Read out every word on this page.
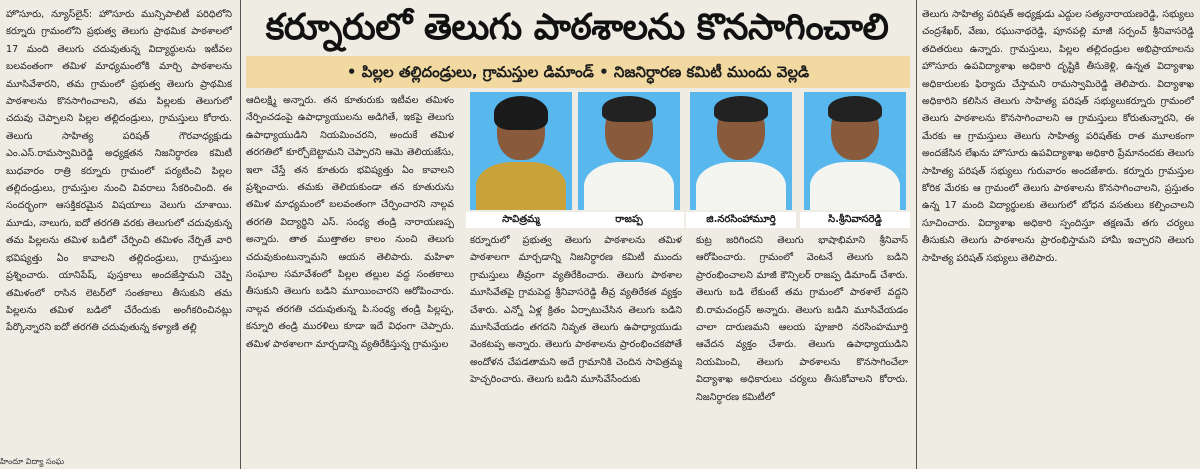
హొసూరు, న్యూస్‌లైన్: హొసూరు మున్సిపాలిటీ పరిధిలోని కర్నూరు గ్రామంలోని ప్రభుత్వ తెలుగు ప్రాథమిక పాఠశాలలో 17 మంది తెలుగు చదువుతున్న విద్యార్థులను ఇటీవల బలవంతంగా తమిళ మాధ్యమంలోకి మార్చి పాఠశాలను మూసివేశారని, తమ గ్రామంలో ప్రభుత్వ తెలుగు ప్రాథమిక పాఠశాలను కొనసాగించాలని, తమ పిల్లలకు తెలుగులో చదువు చెప్పాలని పిల్లల తల్లిదండ్రులు, గ్రామస్తులు కోరారు. తెలుగు సాహిత్య పరిషత్ గౌరవాధ్యక్షుడు ఎం.ఎస్.రామస్వామిరెడ్డి అధ్యక్షతన నిజనిర్ధారణ కమిటీ బుధవారం రాత్రి కర్నూరు గ్రామంలో పర్యటించి పిల్లల తల్లిదండ్రులు, గ్రామస్తుల నుంచి వివరాలు సేకరించింది. ఈ సందర్భంగా ఆసక్తికరమైన విషయాలు వెలుగు చూశాయి. మూడు, నాలుగు, ఐదో తరగతి వరకు తెలుగులో చదువుకున్న తమ పిల్లలను తమిళ బడిలో చేర్పించి తమిళం నేర్పితే వారి భవిష్యత్తు ఏం కావాలని తల్లిదండ్రులు, గ్రామస్తులు ప్రశ్నించారు. యానిపేష్, పుస్తకాలు అందజేస్తామని చెప్పి తమిళంలో రాసిన లెటర్‌లో సంతకాలు తీసుకుని తమ పిల్లలను తమిళ బడిలో చేరేందుకు అంగీకరించినట్లు పేర్కొన్నారని ఐదో తరగతి చదువుతున్న కళ్యాణి తల్లి
కర్నూరులో తెలుగు పాఠశాలను కొనసాగించాలి
• పిల్లల తల్లిదండ్రులు, గ్రామస్తుల డిమాండ్ • నిజనిర్ధారణ కమిటీ ముందు వెల్లడి
ఆదిలక్ష్మి అన్నారు. తన కూతురుకు ఇటీవల తమిళం నేర్పించడంపై ఉపాధ్యాయులను అడిగితే, ఇకపై తెలుగు ఉపాధ్యాయుడిని నియమించరని, అందుకే తమిళ తరగతిలో కూర్చోబెట్టామని చెప్పారని ఆమె తెలియజేసు, ఇలా చేస్తే తన కూతురు భవిష్యత్తు ఏం కావాలని ప్రశ్నించారు. తమకు తెలియకుండా తన కూతురును తమిళ మాధ్యమంలో బలవంతంగా చేర్పించారని నాల్గవ తరగతి విద్యార్థిని ఎస్. సంధ్య తండ్రి నారాయణప్ప అన్నారు. తాత ముత్తాతల కాలం నుంచి తెలుగు చదువుకుంటున్నామని ఆయన తెలిపారు. మహిళా సంఘాల సమావేశంలో పిల్లల తల్లుల వద్ద సంతకాలు తీసుకుని తెలుగు బడిని మూయించారని ఆరోపించారు. నాల్గవ తరగతి చదువుతున్న పి.సంధ్య తండ్రి పిల్లప్ప, కన్నూరి తండ్రి మురళిలు కూడా ఇదే విధంగా చెప్పారు. తమిళ పాఠశాలగా మార్చడాన్ని వ్యతిరేకిస్తున్న గ్రామస్తుల
సావిత్రమ్మ	రాజప్ప	జి.నరసింహామూర్తి	సి.శ్రీనివాసరెడ్డి
కర్నూరులో ప్రభుత్వ తెలుగు పాఠశాలను తమిళ పాఠశాలగా మార్చడాన్ని నిజనిర్ధారణ కమిటీ ముందు గ్రామస్తులు తీవ్రంగా వ్యతిరేకించారు. తెలుగు పాఠశాల మూసివేతపై గ్రామపెద్ద శ్రీనివాసరెడ్డి తీవ్ర వ్యతిరేకత వ్యక్తం చేశారు. ఎన్నో ఏళ్ల క్రితం ఏర్పాటుచేసిన తెలుగు బడిని మూసివేయడం తగదని నివృత తెలుగు ఉపాధ్యాయుడు వెంకటప్ప అన్నారు. తెలుగు పాఠశాలను ప్రారంభించకపోతే అందోళన చేపడతామని అదే గ్రామానికి చెందిన సావిత్రమ్మ హెచ్చరించారు. తెలుగు బడిని మూసివేసేందుకు
కుట్ర జరిగిందని తెలుగు భాషాభిమాని శ్రీనివాస్ ఆరోపించారు. గ్రామంలో వెంటనే తెలుగు బడిని ప్రారంభించాలని మాజీ కౌన్సిలర్ రాజప్ప డిమాండ్ చేశారు. తెలుగు బడి లేకుంటే తమ గ్రామంలో పాఠశాలే వద్దని బి.రామచంద్రన్ అన్నారు. తెలుగు బడిని మూసివేయడం చాలా దారుణమని ఆలయ పూజారి నరసింహమూర్తి ఆవేదన వ్యక్తం చేశారు. తెలుగు ఉపాధ్యాయుడిని నియమించి, తెలుగు పాఠశాలను కొనసాగించేలా విద్యాశాఖ అధికారులు చర్యలు తీసుకోవాలని కోరారు. నిజనిర్ధారణ కమిటీలో
తెలుగు సాహిత్య పరిషత్ అధ్యక్షుడు ఎద్దుల సత్యనారాయణరెడ్డి, సభ్యులు చంద్రశేఖర్, వేణు, రఘునాథరెడ్డి, పూనపల్లి మాజీ సర్పంచ్ శ్రీనివాసరెడ్డి తదితరులు ఉన్నారు. గ్రామస్తులు, పిల్లల తల్లిదండ్రుల అభిప్రాయాలను హొసూరు ఉపవిద్యాశాఖ అధికారి దృష్టికి తీసుకెళ్లి, ఉన్నత విద్యాశాఖ అధికారులకు ఫిర్యాదు చేస్తామని రామస్వామిరెడ్డి తెలిపారు. విద్యాశాఖ అధికారిని కలిసిన తెలుగు సాహిత్య పరిషత్ సభ్యులుకర్నూరు గ్రామంలో తెలుగు పాఠశాలను కొనసాగించాలని ఆ గ్రామస్తులు కోరుతున్నారని, ఈ మేరకు ఆ గ్రామస్తులు తెలుగు సాహిత్య పరిషత్‌కు రాత మూలకంగా అందజేసిన లేఖను హొసూరు ఉపవిద్యాశాఖ అధికారి ప్రేమానందకు తెలుగు సాహిత్య పరిషత్ సభ్యులు గురువారం అందజేశారు. కర్నూరు గ్రామస్తుల కోరిక మేరకు ఆ గ్రామంలో తెలుగు పాఠశాలను కొనసాగించాలని, ప్రస్తుతం ఉన్న 17 మంది విద్యార్థులకు తెలుగులో బోధన వసతులు కల్పించాలని సూచించారు. విద్యాశాఖ అధికారి స్పందిస్తూ తక్షణమే తగు చర్యలు తీసుకుని తెలుగు పాఠశాలను ప్రారంభిస్తామని హామీ ఇచ్చారని తెలుగు సాహిత్య పరిషత్ సభ్యులు తెలిపారు.
హిందూ విద్యా సంఘ
